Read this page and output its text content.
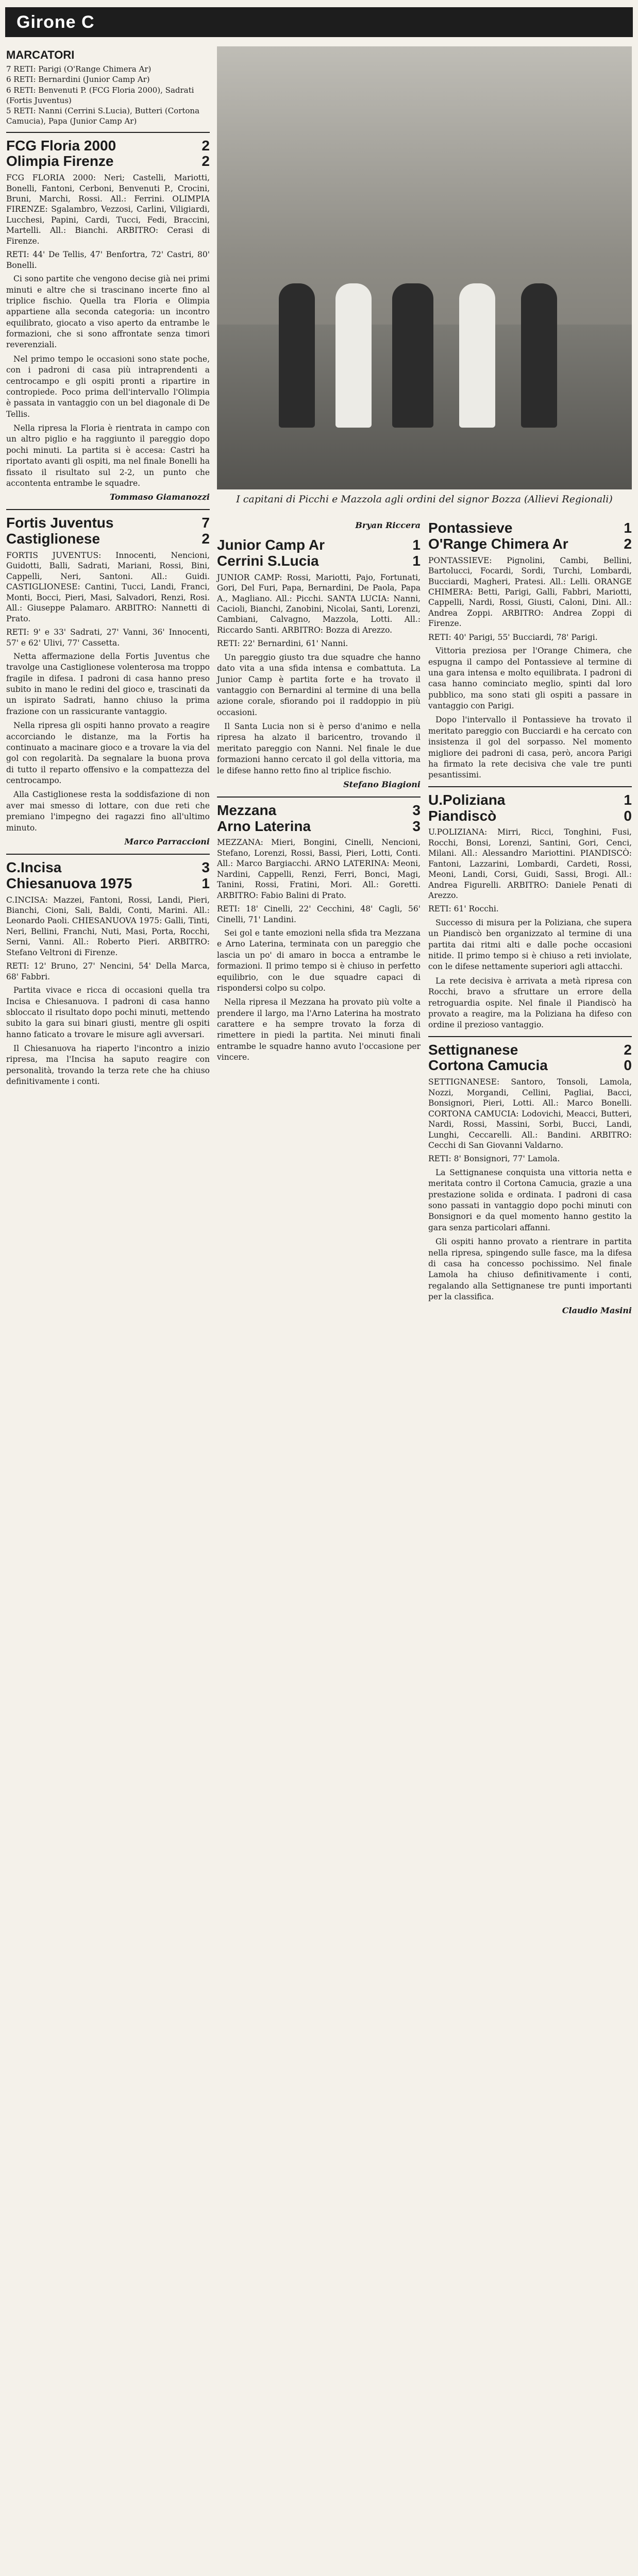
Girone C
MARCATORI
7 RETI: Parigi (O'Range Chimera Ar)
6 RETI: Bernardini (Junior Camp Ar)
6 RETI: Benvenuti P. (FCG Floria 2000), Sadrati (Fortis Juventus)
5 RETI: Nanni (Cerrini S.Lucia), Butteri (Cortona Camucia), Papa (Junior Camp Ar)
FCG Floria 2000	2
Olimpia Firenze	2

FCG FLORIA 2000: Neri; Castelli, Mariotti, Bonelli, Fantoni, Cerboni, Benvenuti P., Crocini, Bruni, Marchi, Rossi. All.: Ferrini. OLIMPIA FIRENZE: Sgalambro, Vezzosi, Carlini, Viligiardi, Lucchesi, Papini, Cardi, Tucci, Fedi, Braccini, Martelli. All.: Bianchi. ARBITRO: Cerasi di Firenze.

RETI: 44' De Tellis, 47' Benfortra, 72' Castri, 80' Bonelli.

Ci sono partite che vengono decise già nei primi minuti e altre che si trascinano incerte fino al triplice fischio. Quella tra Floria e Olimpia appartiene alla seconda categoria: un incontro equilibrato, giocato a viso aperto da entrambe le formazioni, che si sono affrontate senza timori reverenziali.

Nel primo tempo le occasioni sono state poche, con i padroni di casa più intraprendenti a centrocampo e gli ospiti pronti a ripartire in contropiede. Poco prima dell'intervallo l'Olimpia è passata in vantaggio con un bel diagonale di De Tellis.

Nella ripresa la Floria è rientrata in campo con un altro piglio e ha raggiunto il pareggio dopo pochi minuti. La partita si è accesa: Castri ha riportato avanti gli ospiti, ma nel finale Bonelli ha fissato il risultato sul 2-2, un punto che accontenta entrambe le squadre.

Tommaso Giamanozzi
Fortis Juventus	7
Castiglionese	2

FORTIS JUVENTUS: Innocenti, Nencioni, Guidotti, Balli, Sadrati, Mariani, Rossi, Bini, Cappelli, Neri, Santoni. All.: Guidi. CASTIGLIONESE: Cantini, Tucci, Landi, Franci, Monti, Bocci, Pieri, Masi, Salvadori, Renzi, Rosi. All.: Giuseppe Palamaro. ARBITRO: Nannetti di Prato.

RETI: 9' e 33' Sadrati, 27' Vanni, 36' Innocenti, 57' e 62' Ulivi, 77' Cassetta.

Netta affermazione della Fortis Juventus che travolge una Castiglionese volenterosa ma troppo fragile in difesa. I padroni di casa hanno preso subito in mano le redini del gioco e, trascinati da un ispirato Sadrati, hanno chiuso la prima frazione con un rassicurante vantaggio.

Nella ripresa gli ospiti hanno provato a reagire accorciando le distanze, ma la Fortis ha continuato a macinare gioco e a trovare la via del gol con regolarità. Da segnalare la buona prova di tutto il reparto offensivo e la compattezza del centrocampo.

Alla Castiglionese resta la soddisfazione di non aver mai smesso di lottare, con due reti che premiano l'impegno dei ragazzi fino all'ultimo minuto.

Marco Parraccioni
C.Incisa	3
Chiesanuova 1975	1

C.INCISA: Mazzei, Fantoni, Rossi, Landi, Pieri, Bianchi, Cioni, Sali, Baldi, Conti, Marini. All.: Leonardo Paoli. CHIESANUOVA 1975: Galli, Tinti, Neri, Bellini, Franchi, Nuti, Masi, Porta, Rocchi, Serni, Vanni. All.: Roberto Pieri. ARBITRO: Stefano Veltroni di Firenze.

RETI: 12' Bruno, 27' Nencini, 54' Della Marca, 68' Fabbri.

Partita vivace e ricca di occasioni quella tra Incisa e Chiesanuova. I padroni di casa hanno sbloccato il risultato dopo pochi minuti, mettendo subito la gara sui binari giusti, mentre gli ospiti hanno faticato a trovare le misure agli avversari.

Il Chiesanuova ha riaperto l'incontro a inizio ripresa, ma l'Incisa ha saputo reagire con personalità, trovando la terza rete che ha chiuso definitivamente i conti.

I capitani di Picchi e Mazzola agli ordini del signor Bozza (Allievi Regionali)
Bryan Riccera
Junior Camp Ar	1
Cerrini S.Lucia	1

JUNIOR CAMP: Rossi, Mariotti, Pajo, Fortunati, Gori, Del Furi, Papa, Bernardini, De Paola, Papa A., Magliano. All.: Picchi. SANTA LUCIA: Nanni, Cacioli, Bianchi, Zanobini, Nicolai, Santi, Lorenzi, Cambiani, Calvagno, Mazzola, Lotti. All.: Riccardo Santi. ARBITRO: Bozza di Arezzo.

RETI: 22' Bernardini, 61' Nanni.

Un pareggio giusto tra due squadre che hanno dato vita a una sfida intensa e combattuta. La Junior Camp è partita forte e ha trovato il vantaggio con Bernardini al termine di una bella azione corale, sfiorando poi il raddoppio in più occasioni.

Il Santa Lucia non si è perso d'animo e nella ripresa ha alzato il baricentro, trovando il meritato pareggio con Nanni. Nel finale le due formazioni hanno cercato il gol della vittoria, ma le difese hanno retto fino al triplice fischio.

Stefano Biagioni
Mezzana	3
Arno Laterina	3

MEZZANA: Mieri, Bongini, Cinelli, Nencioni, Stefano, Lorenzi, Rossi, Bassi, Pieri, Lotti, Conti. All.: Marco Bargiacchi. ARNO LATERINA: Meoni, Nardini, Cappelli, Renzi, Ferri, Bonci, Magi, Tanini, Rossi, Fratini, Mori. All.: Goretti. ARBITRO: Fabio Balini di Prato.

RETI: 18' Cinelli, 22' Cecchini, 48' Cagli, 56' Cinelli, 71' Landini.

Sei gol e tante emozioni nella sfida tra Mezzana e Arno Laterina, terminata con un pareggio che lascia un po' di amaro in bocca a entrambe le formazioni. Il primo tempo si è chiuso in perfetto equilibrio, con le due squadre capaci di rispondersi colpo su colpo.

Nella ripresa il Mezzana ha provato più volte a prendere il largo, ma l'Arno Laterina ha mostrato carattere e ha sempre trovato la forza di rimettere in piedi la partita. Nei minuti finali entrambe le squadre hanno avuto l'occasione per vincere.

Pontassieve	1
O'Range Chimera Ar	2

PONTASSIEVE: Pignolini, Cambi, Bellini, Bartolucci, Focardi, Sordi, Turchi, Lombardi, Bucciardi, Magheri, Pratesi. All.: Lelli. ORANGE CHIMERA: Betti, Parigi, Galli, Fabbri, Mariotti, Cappelli, Nardi, Rossi, Giusti, Caloni, Dini. All.: Andrea Zoppi. ARBITRO: Andrea Zoppi di Firenze.

RETI: 40' Parigi, 55' Bucciardi, 78' Parigi.

Vittoria preziosa per l'Orange Chimera, che espugna il campo del Pontassieve al termine di una gara intensa e molto equilibrata. I padroni di casa hanno cominciato meglio, spinti dal loro pubblico, ma sono stati gli ospiti a passare in vantaggio con Parigi.

Dopo l'intervallo il Pontassieve ha trovato il meritato pareggio con Bucciardi e ha cercato con insistenza il gol del sorpasso. Nel momento migliore dei padroni di casa, però, ancora Parigi ha firmato la rete decisiva che vale tre punti pesantissimi.

U.Poliziana	1
Piandiscò	0

U.POLIZIANA: Mirri, Ricci, Tonghini, Fusi, Rocchi, Bonsi, Lorenzi, Santini, Gori, Cenci, Milani. All.: Alessandro Mariottini. PIANDISCÒ: Fantoni, Lazzarini, Lombardi, Cardeti, Rossi, Meoni, Landi, Corsi, Guidi, Sassi, Brogi. All.: Andrea Figurelli. ARBITRO: Daniele Penati di Arezzo.

RETI: 61' Rocchi.

Successo di misura per la Poliziana, che supera un Piandiscò ben organizzato al termine di una partita dai ritmi alti e dalle poche occasioni nitide. Il primo tempo si è chiuso a reti inviolate, con le difese nettamente superiori agli attacchi.

La rete decisiva è arrivata a metà ripresa con Rocchi, bravo a sfruttare un errore della retroguardia ospite. Nel finale il Piandiscò ha provato a reagire, ma la Poliziana ha difeso con ordine il prezioso vantaggio.

Settignanese	2
Cortona Camucia	0

SETTIGNANESE: Santoro, Tonsoli, Lamola, Nozzi, Morgandi, Cellini, Pagliai, Bacci, Bonsignori, Pieri, Lotti. All.: Marco Bonelli. CORTONA CAMUCIA: Lodovichi, Meacci, Butteri, Nardi, Rossi, Massini, Sorbi, Bucci, Landi, Lunghi, Ceccarelli. All.: Bandini. ARBITRO: Cecchi di San Giovanni Valdarno.

RETI: 8' Bonsignori, 77' Lamola.

La Settignanese conquista una vittoria netta e meritata contro il Cortona Camucia, grazie a una prestazione solida e ordinata. I padroni di casa sono passati in vantaggio dopo pochi minuti con Bonsignori e da quel momento hanno gestito la gara senza particolari affanni.

Gli ospiti hanno provato a rientrare in partita nella ripresa, spingendo sulle fasce, ma la difesa di casa ha concesso pochissimo. Nel finale Lamola ha chiuso definitivamente i conti, regalando alla Settignanese tre punti importanti per la classifica.

Claudio Masini
